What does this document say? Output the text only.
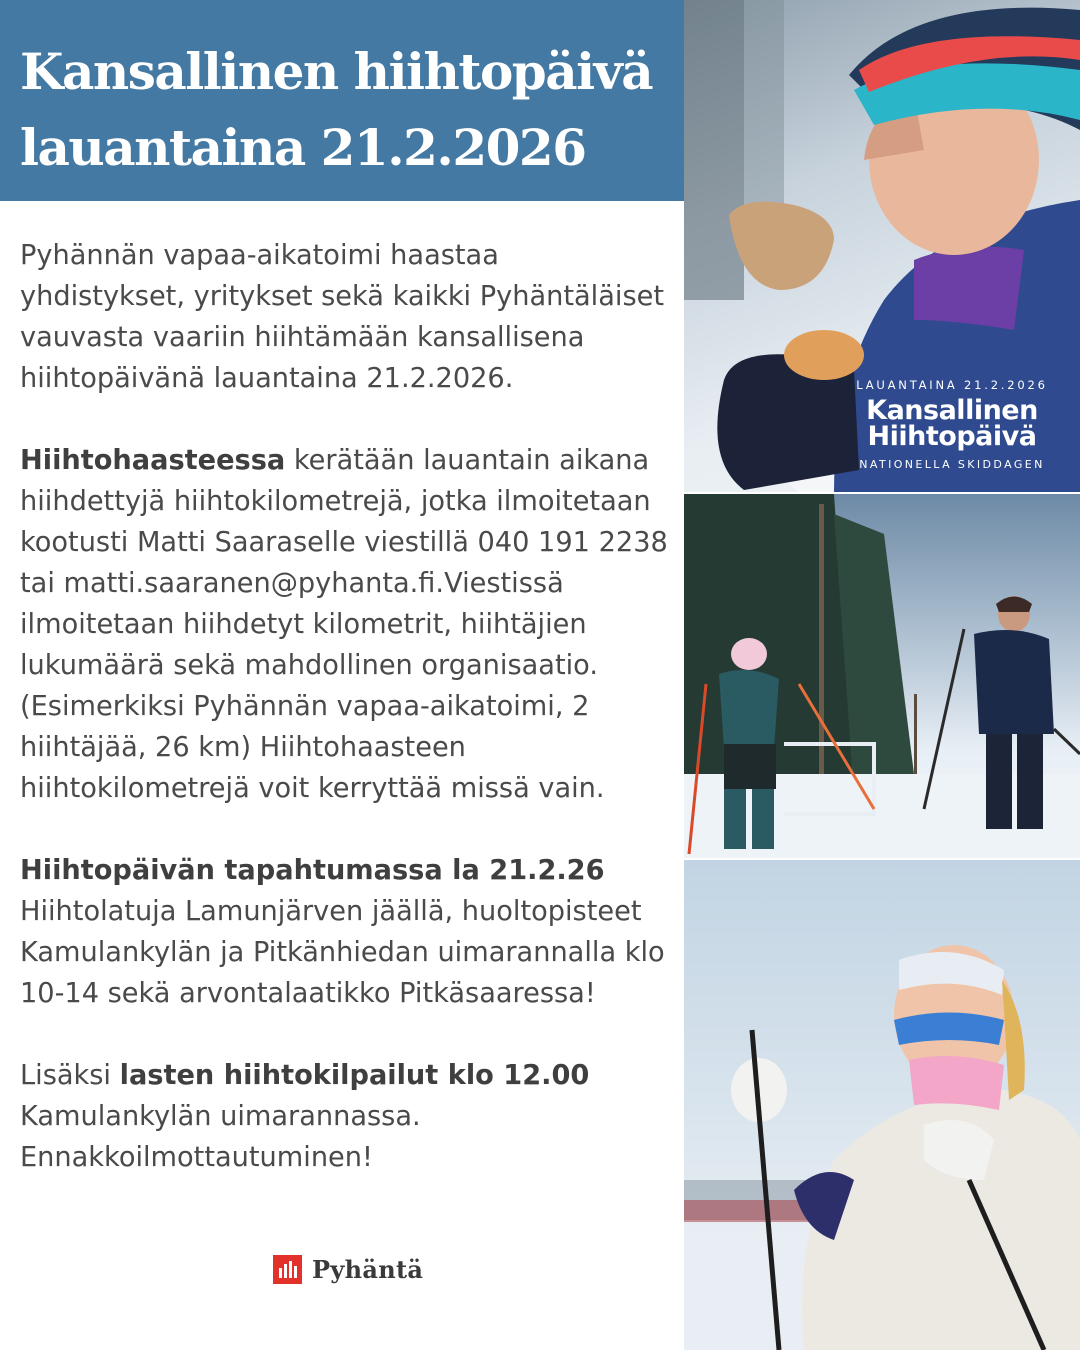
Kansallinen hiihtopäivä
lauantaina 21.2.2026

Pyhännän vapaa-aikatoimi haastaa yhdistykset, yritykset sekä kaikki Pyhäntäläiset vauvasta vaariin hiihtämään kansallisena hiihtopäivänä lauantaina 21.2.2026.

Hiihtohaasteessa kerätään lauantain aikana hiihdettyjä hiihtokilometrejä, jotka ilmoitetaan kootusti Matti Saaraselle viestillä 040 191 2238 tai matti.saaranen@pyhanta.fi.Viestissä ilmoitetaan hiihdetyt kilometrit, hiihtäjien lukumäärä sekä mahdollinen organisaatio. (Esimerkiksi Pyhännän vapaa-aikatoimi, 2 hiihtäjää, 26 km) Hiihtohaasteen hiihtokilometrejä voit kerryttää missä vain.

Hiihtopäivän tapahtumassa la 21.2.26
Hiihtolatuja Lamunjärven jäällä, huoltopisteet Kamulankylän ja Pitkänhiedan uimarannalla klo 10-14 sekä arvontalaatikko Pitkäsaaressa!

Lisäksi lasten hiihtokilpailut klo 12.00 Kamulankylän uimarannassa. Ennakkoilmottautuminen!

Pyhäntä
LAUANTAINA 21.2.2026
Kansallinen
Hiihtopäivä
NATIONELLA SKIDDAGEN
